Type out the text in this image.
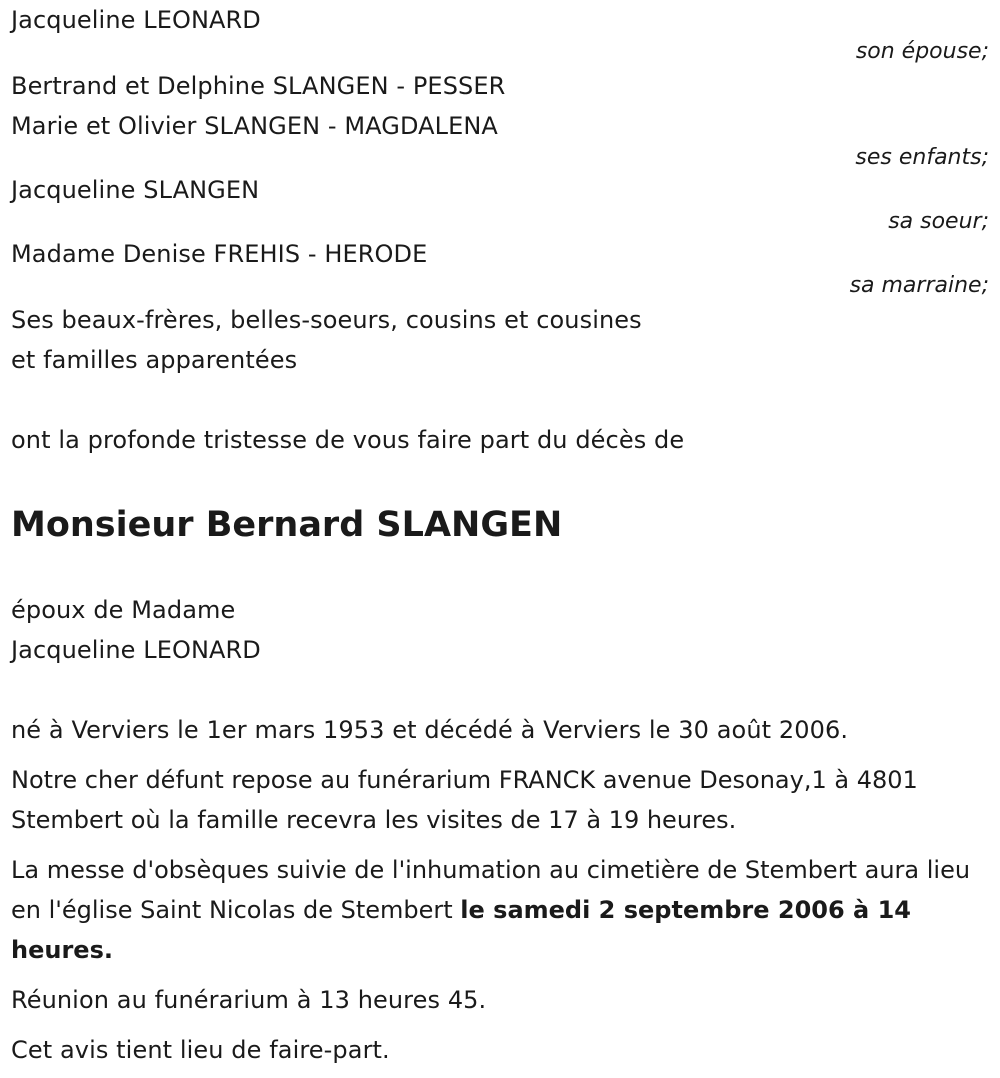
Jacqueline LEONARD
son épouse;
Bertrand et Delphine SLANGEN - PESSER
Marie et Olivier SLANGEN - MAGDALENA
ses enfants;
Jacqueline SLANGEN
sa soeur;
Madame Denise FREHIS - HERODE
sa marraine;
Ses beaux-frères, belles-soeurs, cousins et cousines
et familles apparentées
ont la profonde tristesse de vous faire part du décès de
Monsieur Bernard SLANGEN
époux de Madame
Jacqueline LEONARD
né à Verviers le 1er mars 1953 et décédé à Verviers le 30 août 2006.

Notre cher défunt repose au funérarium FRANCK avenue Desonay,1 à 4801 Stembert où la famille recevra les visites de 17 à 19 heures.

La messe d'obsèques suivie de l'inhumation au cimetière de Stembert aura lieu en l'église Saint Nicolas de Stembert le samedi 2 septembre 2006 à 14 heures.

Réunion au funérarium à 13 heures 45.
Cet avis tient lieu de faire-part.
